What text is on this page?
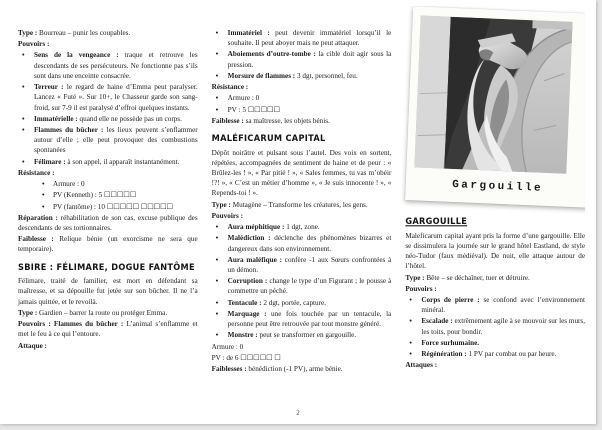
Type : Bourreau – punir les coupables.
Pouvoirs :
•
Sens de la vengeance : traque et retrouve les descendants de ses persécuteurs. Ne fonctionne pas s’ils sont dans une enceinte consacrée.
•
Terreur : le regard de haine d’Emma peut paralyser. Lancez « Futé ». Sur 10+, le Chasseur garde son sang-froid, sur 7-9 il est paralysé d’effroi quelques instants.
•
Immatérielle : quand elle ne possède pas un corps.
•
Flammes du bûcher : les lieux peuvent s’enflammer autour d’elle ; elle peut provoquer des combustions spontanées
•
Félimare : à son appel, il apparaît instantanément.
Résistance :
•
Armure : 0
•
PV (Kenneth) : 5 ☐☐☐☐☐
•
PV (fantôme) : 10 ☐☐☐☐☐ ☐☐☐☐☐
Réparation : réhabilitation de son cas, excuse publique des descendants de ses tortionnaires.
Faiblesse : Relique bénie (un exorcisme ne sera que temporaire).
SBIRE : FÉLIMARE, DOGUE FANTÔME
Félimare, traité de familier, est mort en défendant sa maîtresse, et sa dépouille fut jetée sur son bûcher. Il ne l’a jamais quittée, et le revoilà.
Type : Gardien – barrer la route ou protéger Emma.
Pouvoirs : Flammes du bûcher : L’animal s’enflamme et met le feu à ce qui l’entoure.
Attaque :
•
Immatériel : peut devenir immatériel lorsqu’il le souhaite. Il peut aboyer mais ne peut attaquer.
•
Aboiements d’outre-tombe : la cible doit agir sous la pression.
•
Morsure de flammes : 3 dgt, personnel, feu.
Résistance :
•
Armure : 0
•
PV : 5 ☐☐☐☐☐
Faiblesse : sa maîtresse, les objets bénis.
MALÉFICARUM CAPITAL
Dépôt noirâtre et pulsant sous l’autel. Des voix en sortent, répétées, accompagnées de sentiment de haine et de peur : « Brûlez-les ! », « Par pitié ! », « Sales femmes, tu vas m’obéir !?! », « C’est un métier d’homme », « Je suis innocente ! », « Repends-toi ! ».
Type : Mutagène – Transforme les créatures, les gens.
Pouvoirs :
•
Aura méphitique : 1 dgt, zone.
•
Malédiction : déclenche des phénomènes bizarres et dangereux dans son environnement.
•
Aura maléfique : confère -1 aux Sœurs confrontées à un démon.
•
Corruption : change le type d’un Figurant ; le pousse à commettre un péché.
•
Tentacule : 2 dgt, portée, capture.
•
Marquage : une fois touchée par un tentacule, la personne peut être retrouvée par tout monstre généré.
•
Monstre : peut se transformer en gargouille.
Armure : 0
PV : de 6 ☐☐☐☐☐ ☐
Faiblesses : bénédiction (-1 PV), arme bénie.
Gargouille
GARGOUILLE
Maleficarum capital ayant pris la forme d’une gargouille. Elle se dissimulera la journée sur le grand hôtel Eastland, de style néo-Tudor (faux médiéval). De nuit, elle attaque autour de l’hôtel.
Type : Bête – se déchaîner, tuer et détruire.
Pouvoirs :
•
Corps de pierre : se confond avec l’environnement minéral.
•
Escalade : extrêmement agile à se mouvoir sur les murs, les toits, pour bondir.
•
Force surhumaine.
•
Régénération : 1 PV par combat ou par heure.
Attaques :
2
